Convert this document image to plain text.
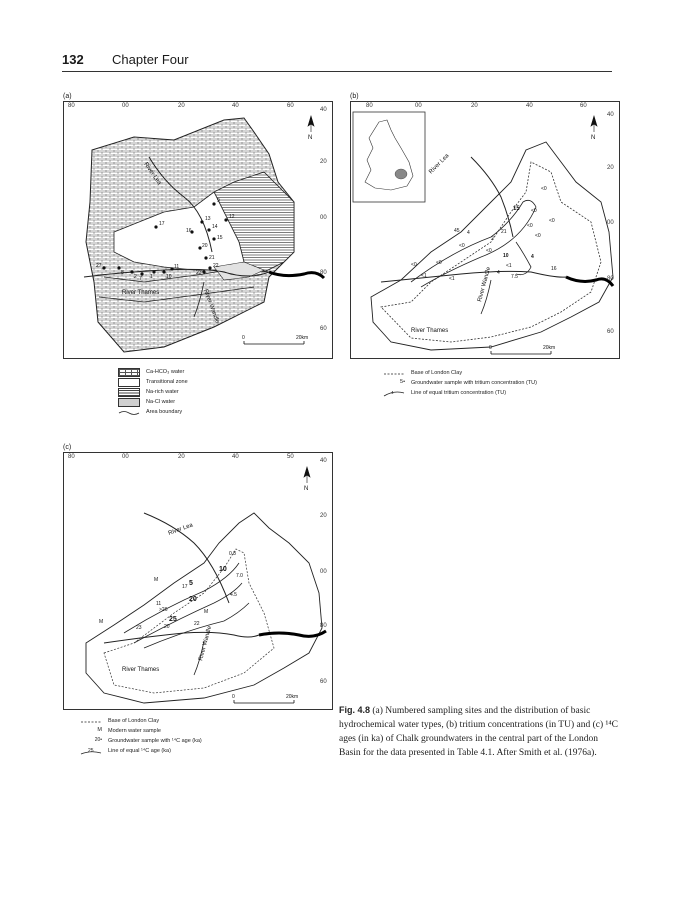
132 Chapter Four
(a)
9
13
17
12
16
14
15
20
21
22
23
11
10
1
7
8
2
27
River Lea
River Thames	River Wandle
N
0	20km
80	00	20	40	60
40
20
00
80
60
Ca-HCO₃ water
Transitional zone
Na-rich water
Na-Cl water
Area boundary
(b)
<0
15 <0
<0
<0
<0
45 4
2
21
<0
<0
10
<1
4
16
7.5
<0	<0
<1	<1
4
River Lea
River Thames
River Wandle
N
0	20km
80	00	20	40	60
40
20
00
80
60
Base of London Clay
5• Groundwater sample with tritium concentration (TU)
4	Line of equal tritium concentration (TU)
(c)
0.8
7.0
4.5
17
11
>26
23	20	22
10
5
20
25
M
M
M
River Lea
River Thames
River Wandle
N
0	20km
80	00	20	40	50
40
20
00
80
60
Base of London Clay
M Modern water sample
20• Groundwater sample with ¹⁴C age (ka)
25	Line of equal ¹⁴C age (ka)
Fig. 4.8 (a) Numbered sampling sites and the distribution of basic hydrochemical water types, (b) tritium concentrations (in TU) and (c) ¹⁴C ages (in ka) of Chalk groundwaters in the central part of the London Basin for the data presented in Table 4.1. After Smith et al. (1976a).
